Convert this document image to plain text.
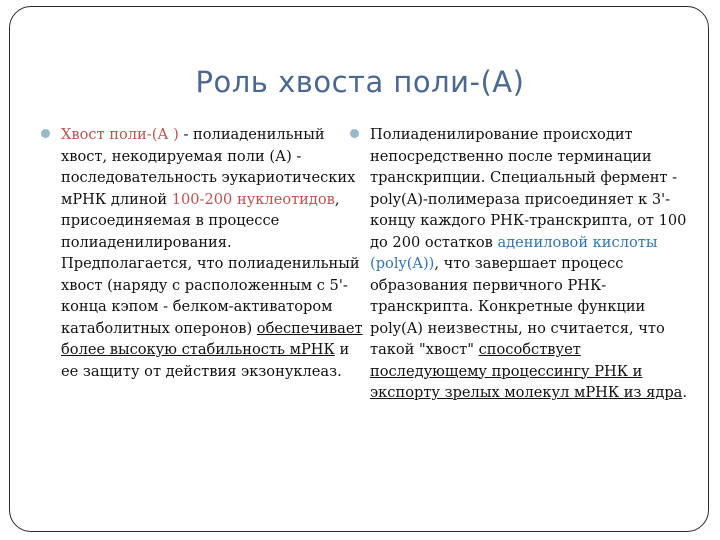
Роль хвоста поли-(А)
Хвост поли-(А ) - полиаденильный хвост, некодируемая поли (А) - последовательность эукариотических мРНК длиной 100-200 нуклеотидов, присоединяемая в процессе полиаденилирования. Предполагается, что полиаденильный хвост (наряду с расположенным с 5'-конца кэпом - белком-активатором катаболитных оперонов) обеспечивает более высокую стабильность мРНК и ее защиту от действия экзонуклеаз.
Полиаденилирование происходит непосредственно после терминации транскрипции. Специальный фермент - poly(A)-полимераза присоединяет к 3'-концу каждого РНК-транскрипта, от 100 до 200 остатков адениловой кислоты (poly(A)), что завершает процесс образования первичного РНК-транскрипта. Конкретные функции poly(A) неизвестны, но считается, что такой "хвост" способствует последующему процессингу РНК и экспорту зрелых молекул мРНК из ядра.
